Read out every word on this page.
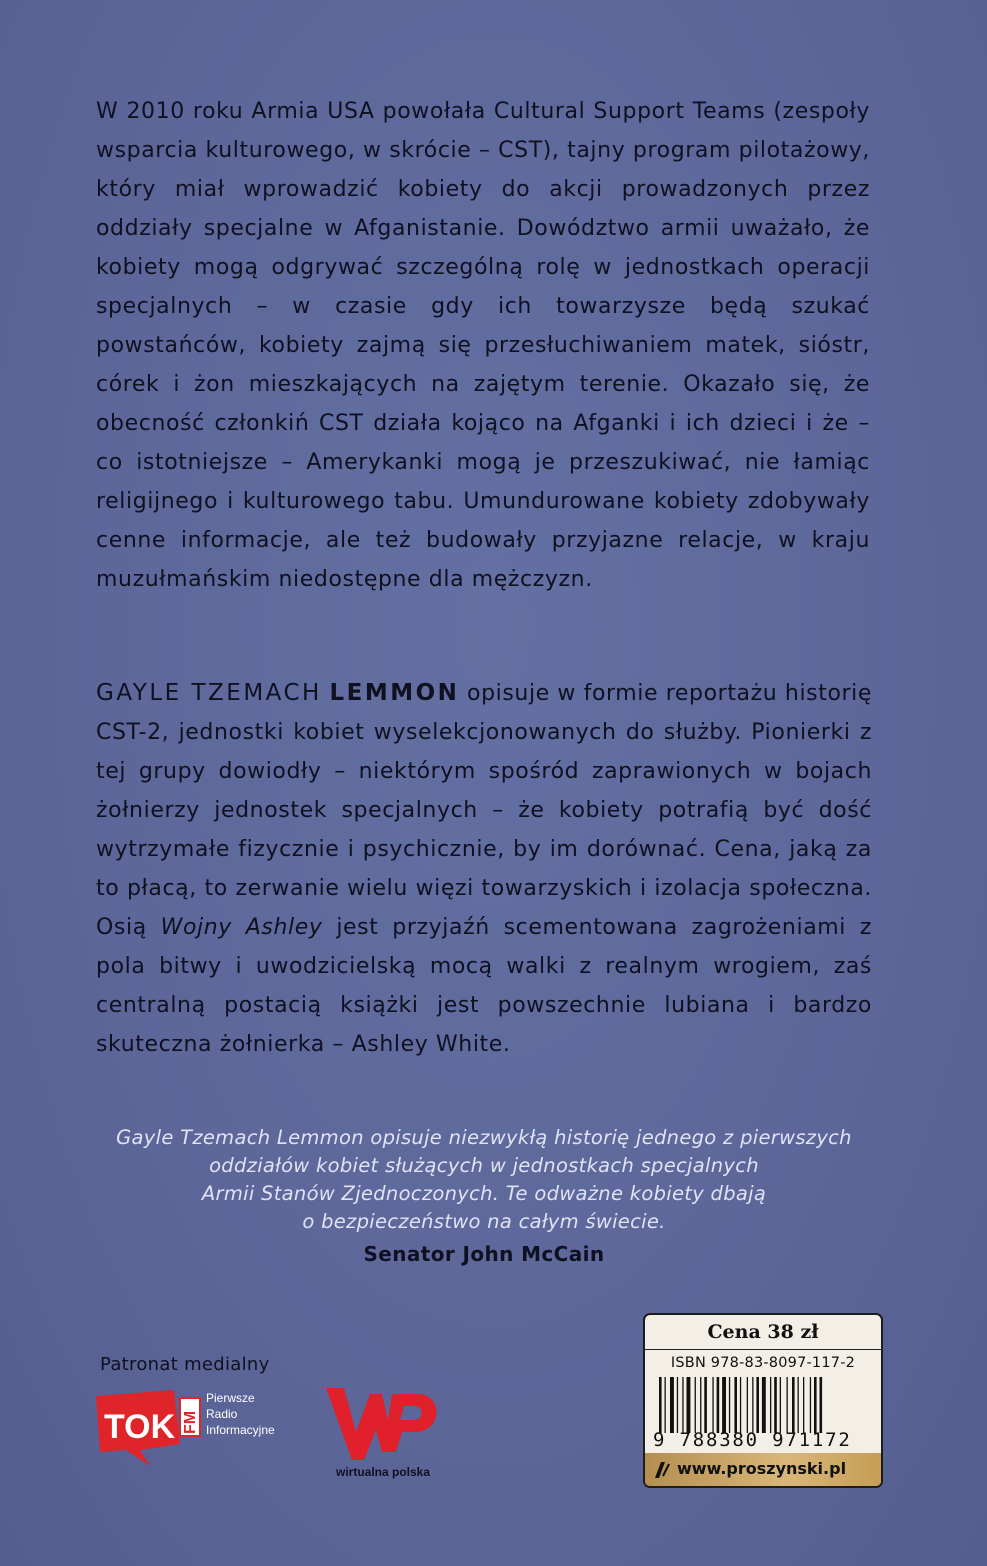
W 2010 roku Armia USA powołała Cultural Support Teams (zespoły wsparcia kulturowego, w skrócie – CST), tajny program pilotażowy, który miał wprowadzić kobiety do akcji prowadzonych przez oddziały specjalne w Afganistanie. Dowództwo armii uważało, że kobiety mogą odgrywać szczególną rolę w jednostkach operacji specjalnych – w czasie gdy ich towarzysze będą szukać powstańców, kobiety zajmą się przesłuchiwaniem matek, sióstr, córek i żon mieszkających na zajętym terenie. Okazało się, że obecność członkiń CST działa kojąco na Afganki i ich dzieci i że – co istotniejsze – Amerykanki mogą je przeszukiwać, nie łamiąc religijnego i kulturowego tabu. Umundurowane kobiety zdobywały cenne informacje, ale też budowały przyjazne relacje, w kraju muzułmańskim niedostępne dla mężczyzn.
GAYLE TZEMACH LEMMON opisuje w formie reportażu historię CST-2, jednostki kobiet wyselekcjonowanych do służby. Pionierki z tej grupy dowiodły – niektórym spośród zaprawionych w bojach żołnierzy jednostek specjalnych – że kobiety potrafią być dość wytrzymałe fizycznie i psychicznie, by im dorównać. Cena, jaką za to płacą, to zerwanie wielu więzi towarzyskich i izolacja społeczna. Osią Wojny Ashley jest przyjaźń scementowana zagrożeniami z pola bitwy i uwodzicielską mocą walki z realnym wrogiem, zaś centralną postacią książki jest powszechnie lubiana i bardzo skuteczna żołnierka – Ashley White.
Gayle Tzemach Lemmon opisuje niezwykłą historię jednego z pierwszych
oddziałów kobiet służących w jednostkach specjalnych
Armii Stanów Zjednoczonych. Te odważne kobiety dbają
o bezpieczeństwo na całym świecie.
Senator John McCain
Patronat medialny
TOK FM
Pierwsze
Radio
Informacyjne
wirtualna polska
Cena 38 zł
ISBN 978-83-8097-117-2
9 788380 971172
www.proszynski.pl
